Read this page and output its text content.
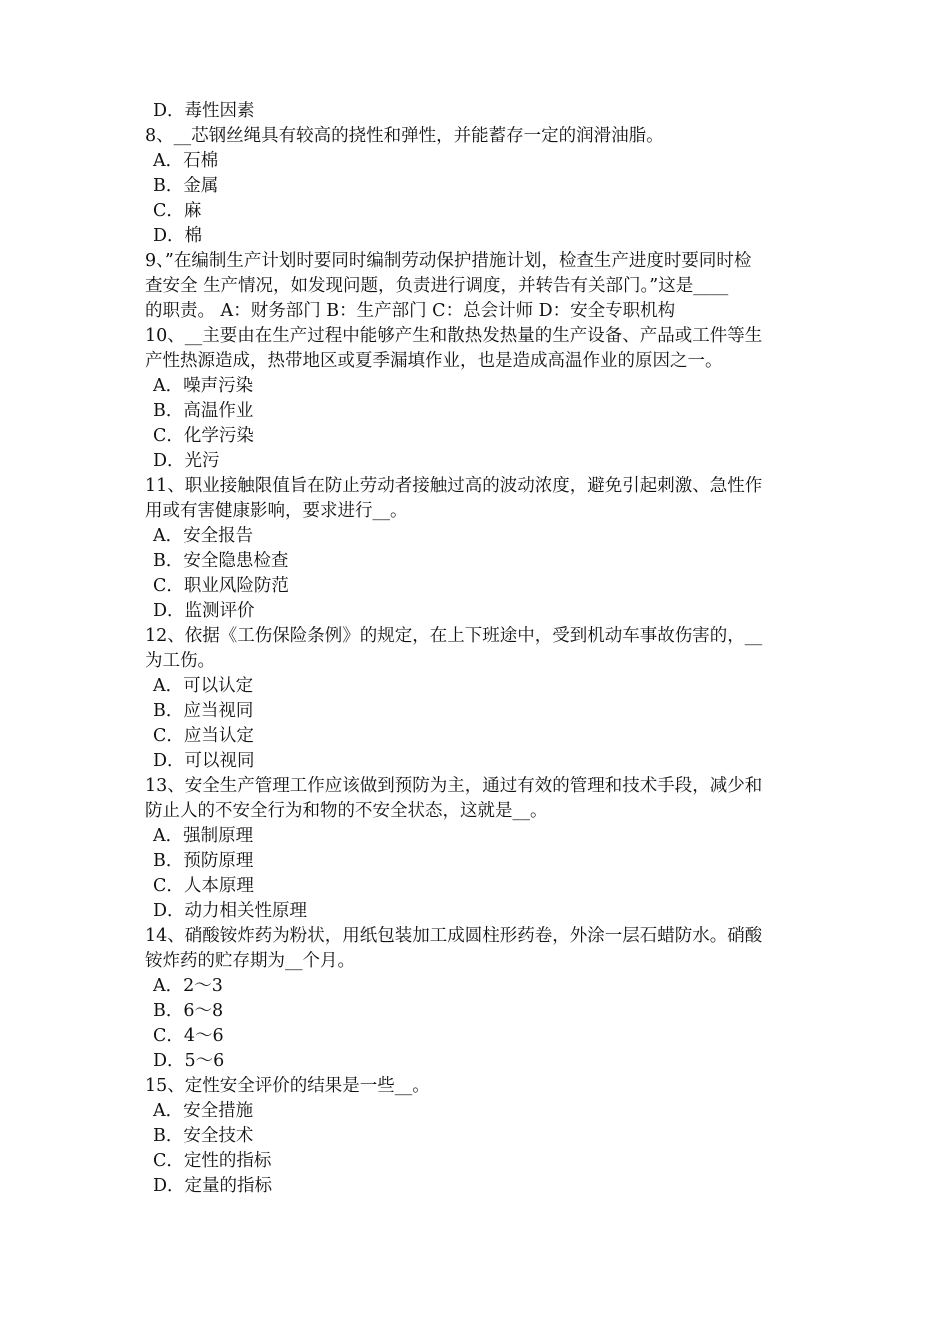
D．毒性因素
8、__芯钢丝绳具有较高的挠性和弹性，并能蓄存一定的润滑油脂。
A．石棉
B．金属
C．麻
D．棉
9、”在编制生产计划时要同时编制劳动保护措施计划，检查生产进度时要同时检
查安全 生产情况，如发现问题，负责进行调度，并转告有关部门。”这是____
的职责。 A：财务部门 B：生产部门 C：总会计师 D：安全专职机构
10、__主要由在生产过程中能够产生和散热发热量的生产设备、产品或工件等生
产性热源造成，热带地区或夏季漏填作业，也是造成高温作业的原因之一。
A．噪声污染
B．高温作业
C．化学污染
D．光污
11、职业接触限值旨在防止劳动者接触过高的波动浓度，避免引起刺激、急性作
用或有害健康影响，要求进行__。
A．安全报告
B．安全隐患检查
C．职业风险防范
D．监测评价
12、依据《工伤保险条例》的规定，在上下班途中，受到机动车事故伤害的，__
为工伤。
A．可以认定
B．应当视同
C．应当认定
D．可以视同
13、安全生产管理工作应该做到预防为主，通过有效的管理和技术手段，减少和
防止人的不安全行为和物的不安全状态，这就是__。
A．强制原理
B．预防原理
C．人本原理
D．动力相关性原理
14、硝酸铵炸药为粉状，用纸包装加工成圆柱形药卷，外涂一层石蜡防水。硝酸
铵炸药的贮存期为__个月。
A．2～3
B．6～8
C．4～6
D．5～6
15、定性安全评价的结果是一些__。
A．安全措施
B．安全技术
C．定性的指标
D．定量的指标
